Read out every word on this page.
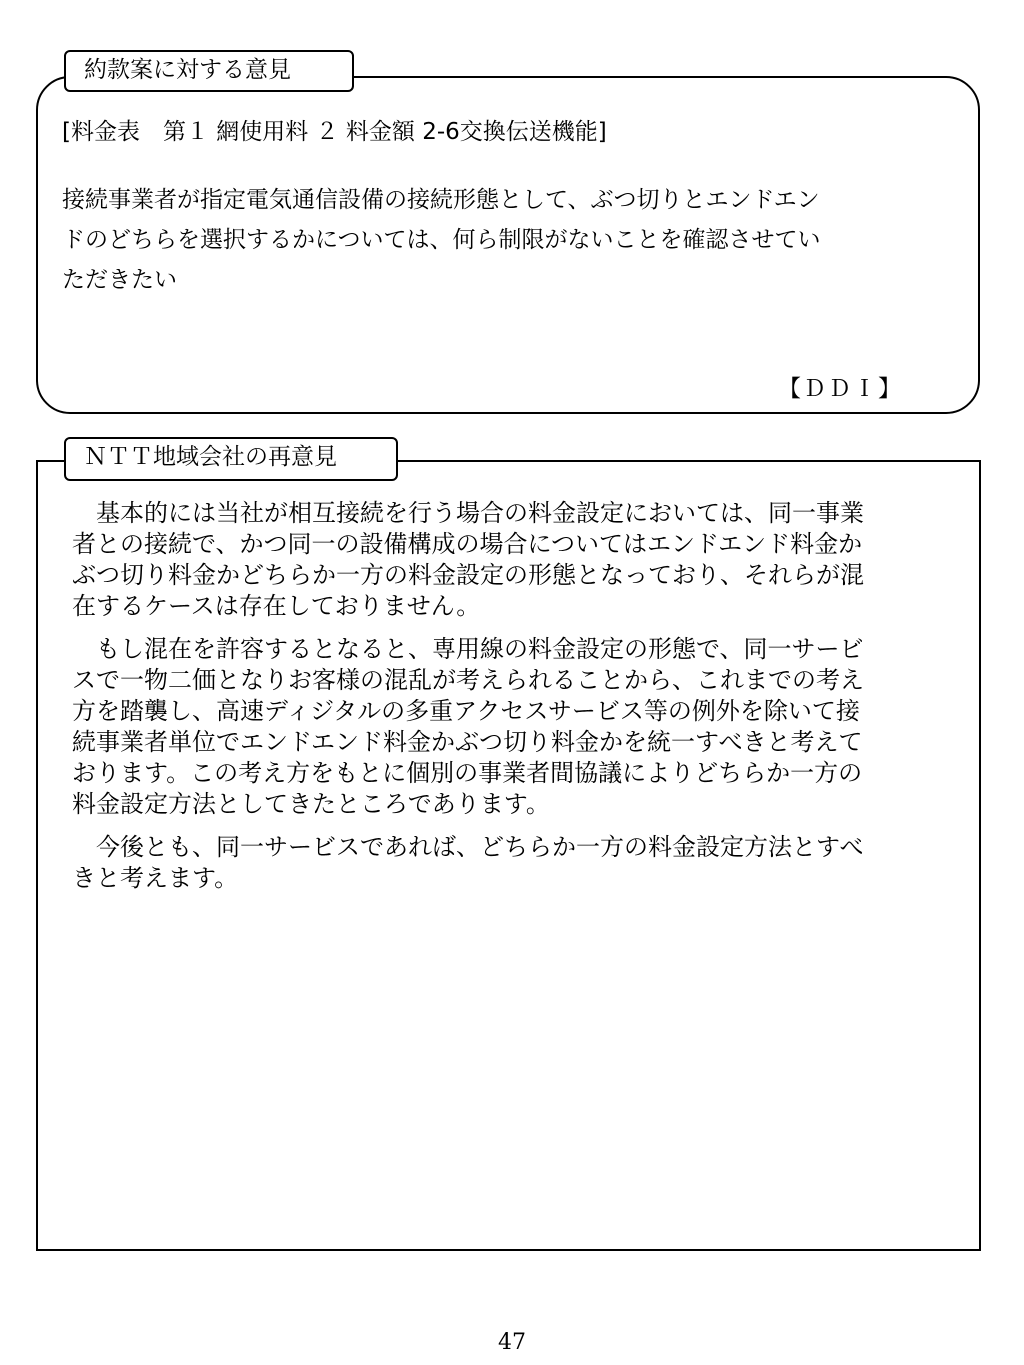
約款案に対する意見
[料金表　第１ 網使用料 ２ 料金額 2-6交換伝送機能]
接続事業者が指定電気通信設備の接続形態として、ぶつ切りとエンドエン
ドのどちらを選択するかについては、何ら制限がないことを確認させてい
ただきたい
【ＤＤＩ】
ＮＴＴ地域会社の再意見
　基本的には当社が相互接続を行う場合の料金設定においては、同一事業
者との接続で、かつ同一の設備構成の場合についてはエンドエンド料金か
ぶつ切り料金かどちらか一方の料金設定の形態となっており、それらが混
在するケースは存在しておりません。
　もし混在を許容するとなると、専用線の料金設定の形態で、同一サービ
スで一物二価となりお客様の混乱が考えられることから、これまでの考え
方を踏襲し、高速ディジタルの多重アクセスサービス等の例外を除いて接
続事業者単位でエンドエンド料金かぶつ切り料金かを統一すべきと考えて
おります。この考え方をもとに個別の事業者間協議によりどちらか一方の
料金設定方法としてきたところであります。
　今後とも、同一サービスであれば、どちらか一方の料金設定方法とすべ
きと考えます。
47
